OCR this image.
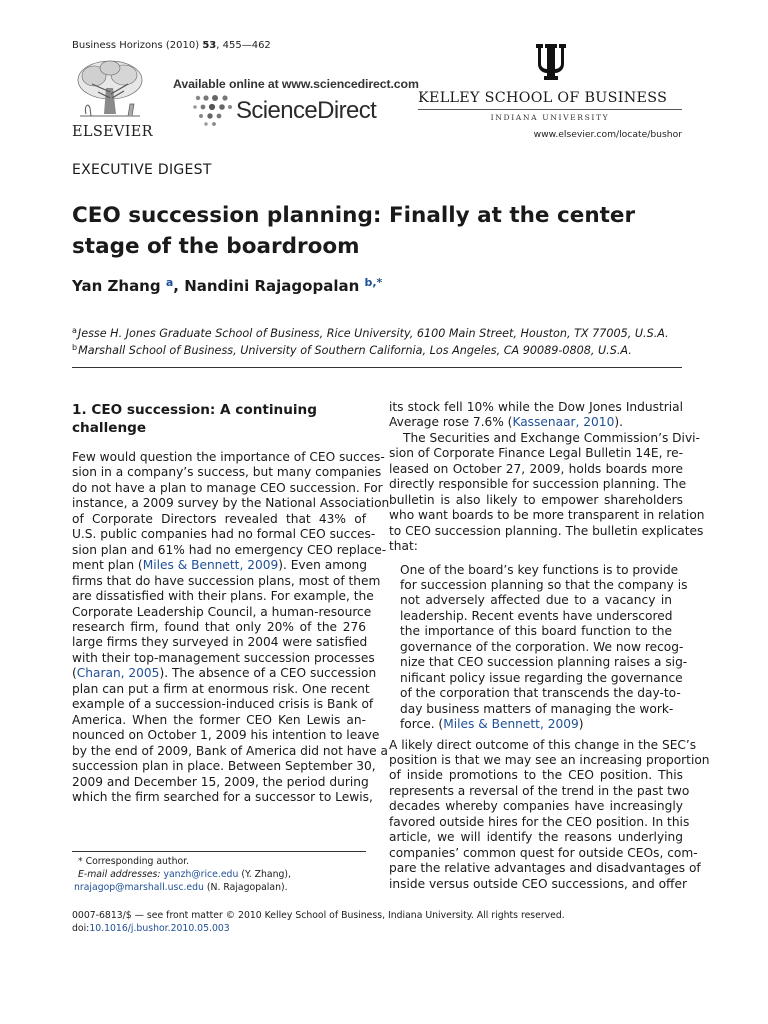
Business Horizons (2010) 53, 455—462
ELSEVIER
Available online at www.sciencedirect.com
ScienceDirect	KELLEY SCHOOL OF BUSINESS
INDIANA UNIVERSITY
www.elsevier.com/locate/bushor
EXECUTIVE DIGEST
CEO succession planning: Finally at the center
stage of the boardroom
Yan Zhang $^a$, Nandini Rajagopalan $^{b,*}$
$^a$Jesse H. Jones Graduate School of Business, Rice University, 6100 Main Street, Houston, TX 77005, U.S.A.
$^b$Marshall School of Business, University of Southern California, Los Angeles, CA 90089-0808, U.S.A.
1. CEO succession: A continuing
challenge
Few would question the importance of CEO succes-
sion in a company’s success, but many companies
do not have a plan to manage CEO succession. For
instance, a 2009 survey by the National Association
of Corporate Directors revealed that 43% of
U.S. public companies had no formal CEO succes-
sion plan and 61% had no emergency CEO replace-
ment plan (Miles & Bennett, 2009). Even among
firms that do have succession plans, most of them
are dissatisfied with their plans. For example, the
Corporate Leadership Council, a human-resource
research firm, found that only 20% of the 276
large firms they surveyed in 2004 were satisfied
with their top-management succession processes
(Charan, 2005). The absence of a CEO succession
plan can put a firm at enormous risk. One recent
example of a succession-induced crisis is Bank of
America. When the former CEO Ken Lewis an-
nounced on October 1, 2009 his intention to leave
by the end of 2009, Bank of America did not have a
succession plan in place. Between September 30,
2009 and December 15, 2009, the period during
which the firm searched for a successor to Lewis,
* Corresponding author.
E-mail addresses: yanzh@rice.edu (Y. Zhang),
nrajagop@marshall.usc.edu (N. Rajagopalan).
its stock fell 10% while the Dow Jones Industrial
Average rose 7.6% (Kassenaar, 2010).
The Securities and Exchange Commission’s Divi-
sion of Corporate Finance Legal Bulletin 14E, re-
leased on October 27, 2009, holds boards more
directly responsible for succession planning. The
bulletin is also likely to empower shareholders
who want boards to be more transparent in relation
to CEO succession planning. The bulletin explicates
that:
One of the board’s key functions is to provide
for succession planning so that the company is
not adversely affected due to a vacancy in
leadership. Recent events have underscored
the importance of this board function to the
governance of the corporation. We now recog-
nize that CEO succession planning raises a sig-
nificant policy issue regarding the governance
of the corporation that transcends the day-to-
day business matters of managing the work-
force. (Miles & Bennett, 2009)
A likely direct outcome of this change in the SEC’s
position is that we may see an increasing proportion
of inside promotions to the CEO position. This
represents a reversal of the trend in the past two
decades whereby companies have increasingly
favored outside hires for the CEO position. In this
article, we will identify the reasons underlying
companies’ common quest for outside CEOs, com-
pare the relative advantages and disadvantages of
inside versus outside CEO successions, and offer
0007-6813/$ — see front matter © 2010 Kelley School of Business, Indiana University. All rights reserved.
doi:10.1016/j.bushor.2010.05.003
